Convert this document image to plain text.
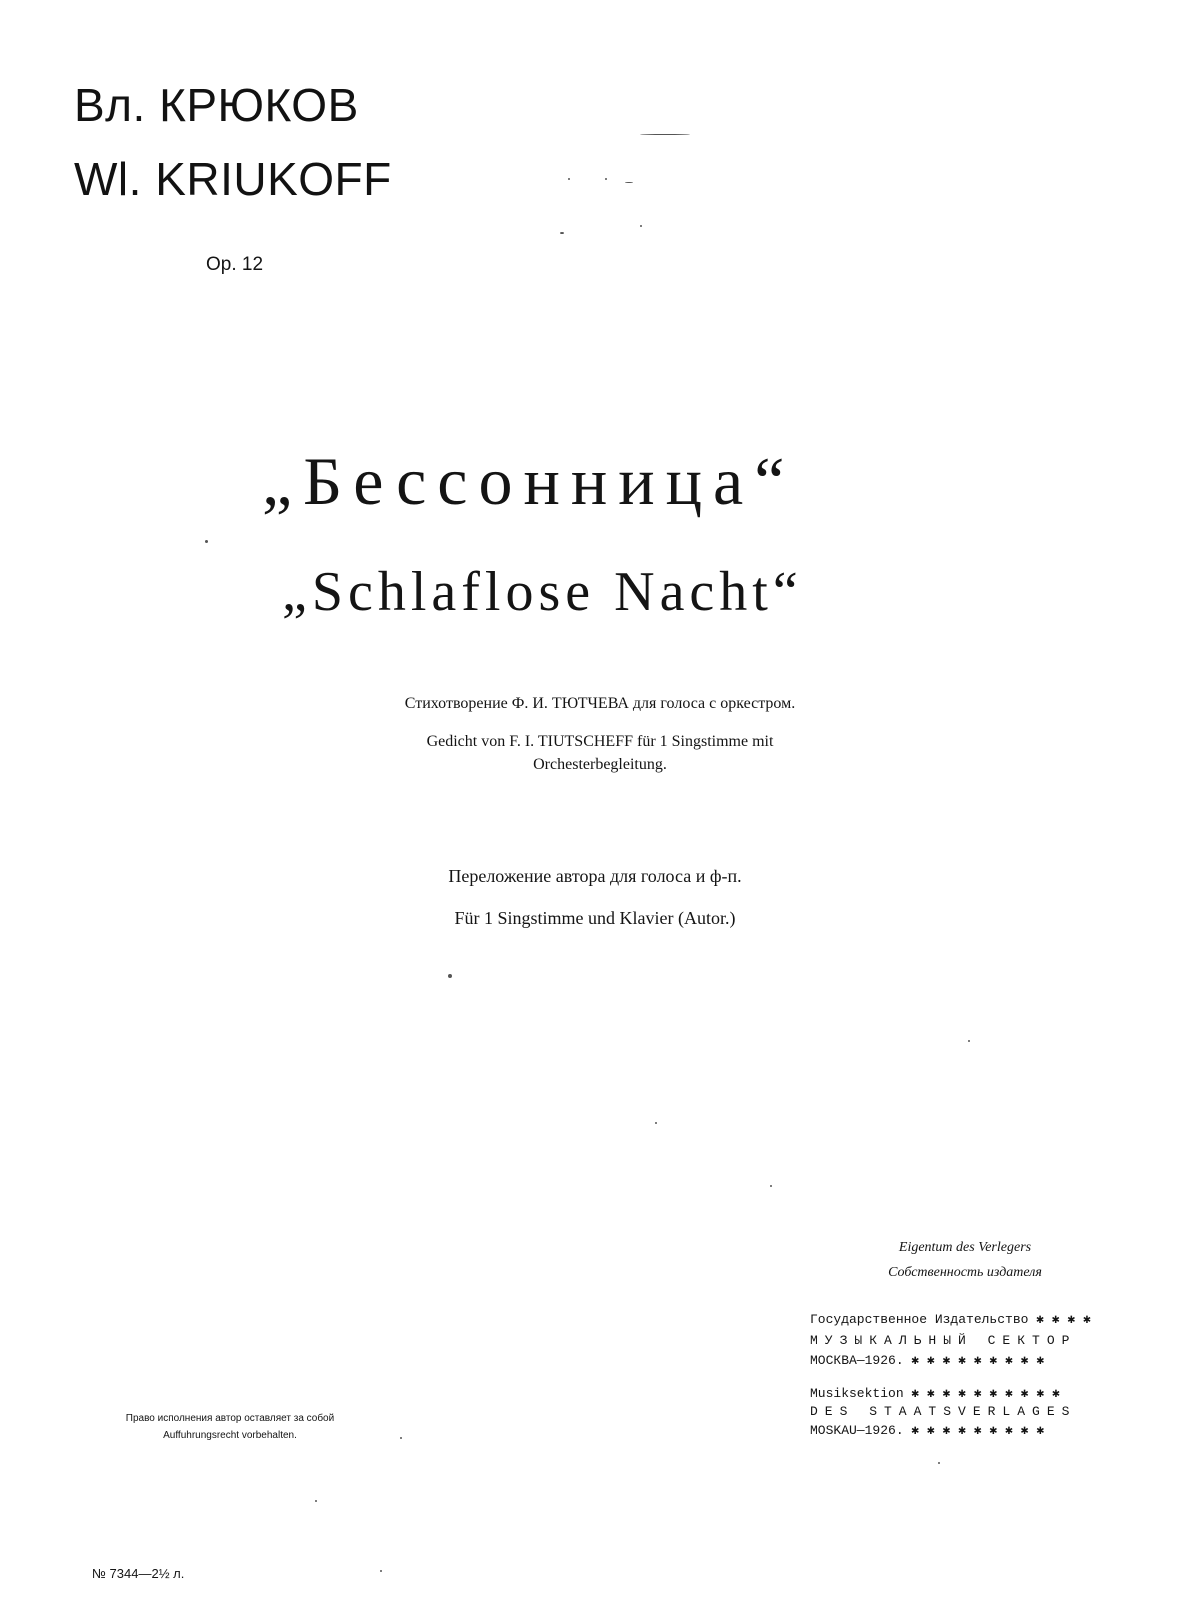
Вл. КРЮКОВ
Wl. KRIUKOFF
Op. 12
„Бессонница“
„Schlaflose Nacht“
Стихотворение Ф. И. ТЮТЧЕВА для голоса с оркестром.
Gedicht von F. I. TIUTSCHEFF für 1 Singstimme mit
Orchesterbegleitung.
Переложение автора для голоса и ф-п.
Für 1 Singstimme und Klavier (Autor.)
Право исполнения автор оставляет за собой
Auffuhrungsrecht vorbehalten.
Eigentum des Verlegers
Собственность издателя
Государственное Издательство ✱ ✱ ✱ ✱
МУЗЫКАЛЬНЫЙ СЕКТОР
МОСКВА—1926. ✱ ✱ ✱ ✱ ✱ ✱ ✱ ✱ ✱
Musiksektion ✱ ✱ ✱ ✱ ✱ ✱ ✱ ✱ ✱ ✱
DES STAATSVERLAGES
MOSKAU—1926. ✱ ✱ ✱ ✱ ✱ ✱ ✱ ✱ ✱
№ 7344—2½ л.
